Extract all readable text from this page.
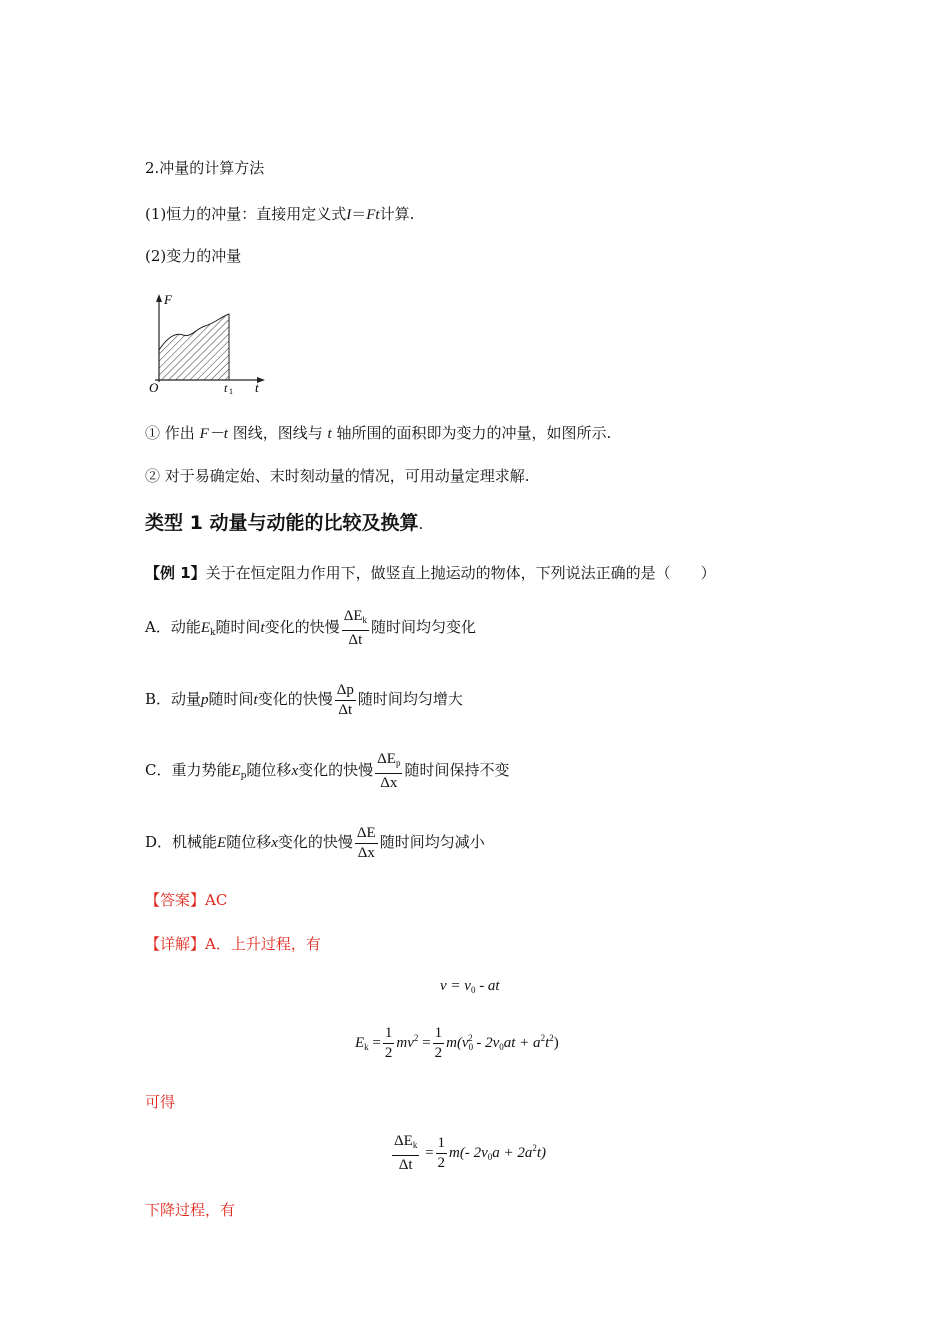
2.冲量的计算方法
(1)恒力的冲量：直接用定义式I＝Ft计算.
(2)变力的冲量
F
O	t 1 t
① 作出 F－t 图线，图线与 t 轴所围的面积即为变力的冲量，如图所示.
② 对于易确定始、末时刻动量的情况，可用动量定理求解.
类型 1 动量与动能的比较及换算.
【例 1】关于在恒定阻力作用下，做竖直上抛运动的物体，下列说法正确的是（　　）
A．动能$E_k$随时间t变化的快慢 $\frac{\Delta E_k}{\Delta t}$ 随时间均匀变化
B．动量p随时间t变化的快慢 $\frac{\Delta p}{\Delta t}$ 随时间均匀增大
C．重力势能$E_p$随位移x变化的快慢 $\frac{\Delta E_p}{\Delta x}$ 随时间保持不变
D．机械能E随位移x变化的快慢 $\frac{\Delta E}{\Delta x}$ 随时间均匀减小
【答案】AC
【详解】A．上升过程，有
$v = v_0$ - at
$E_k = \frac{1}{2} mv^2 = \frac{1}{2} m(v_0^2 - 2v_0at + a^2t^2)$
可得
$\frac{\Delta E_k}{\Delta t} = \frac{1}{2} m(-$ $2v_0a + 2a^2t$)
下降过程，有
